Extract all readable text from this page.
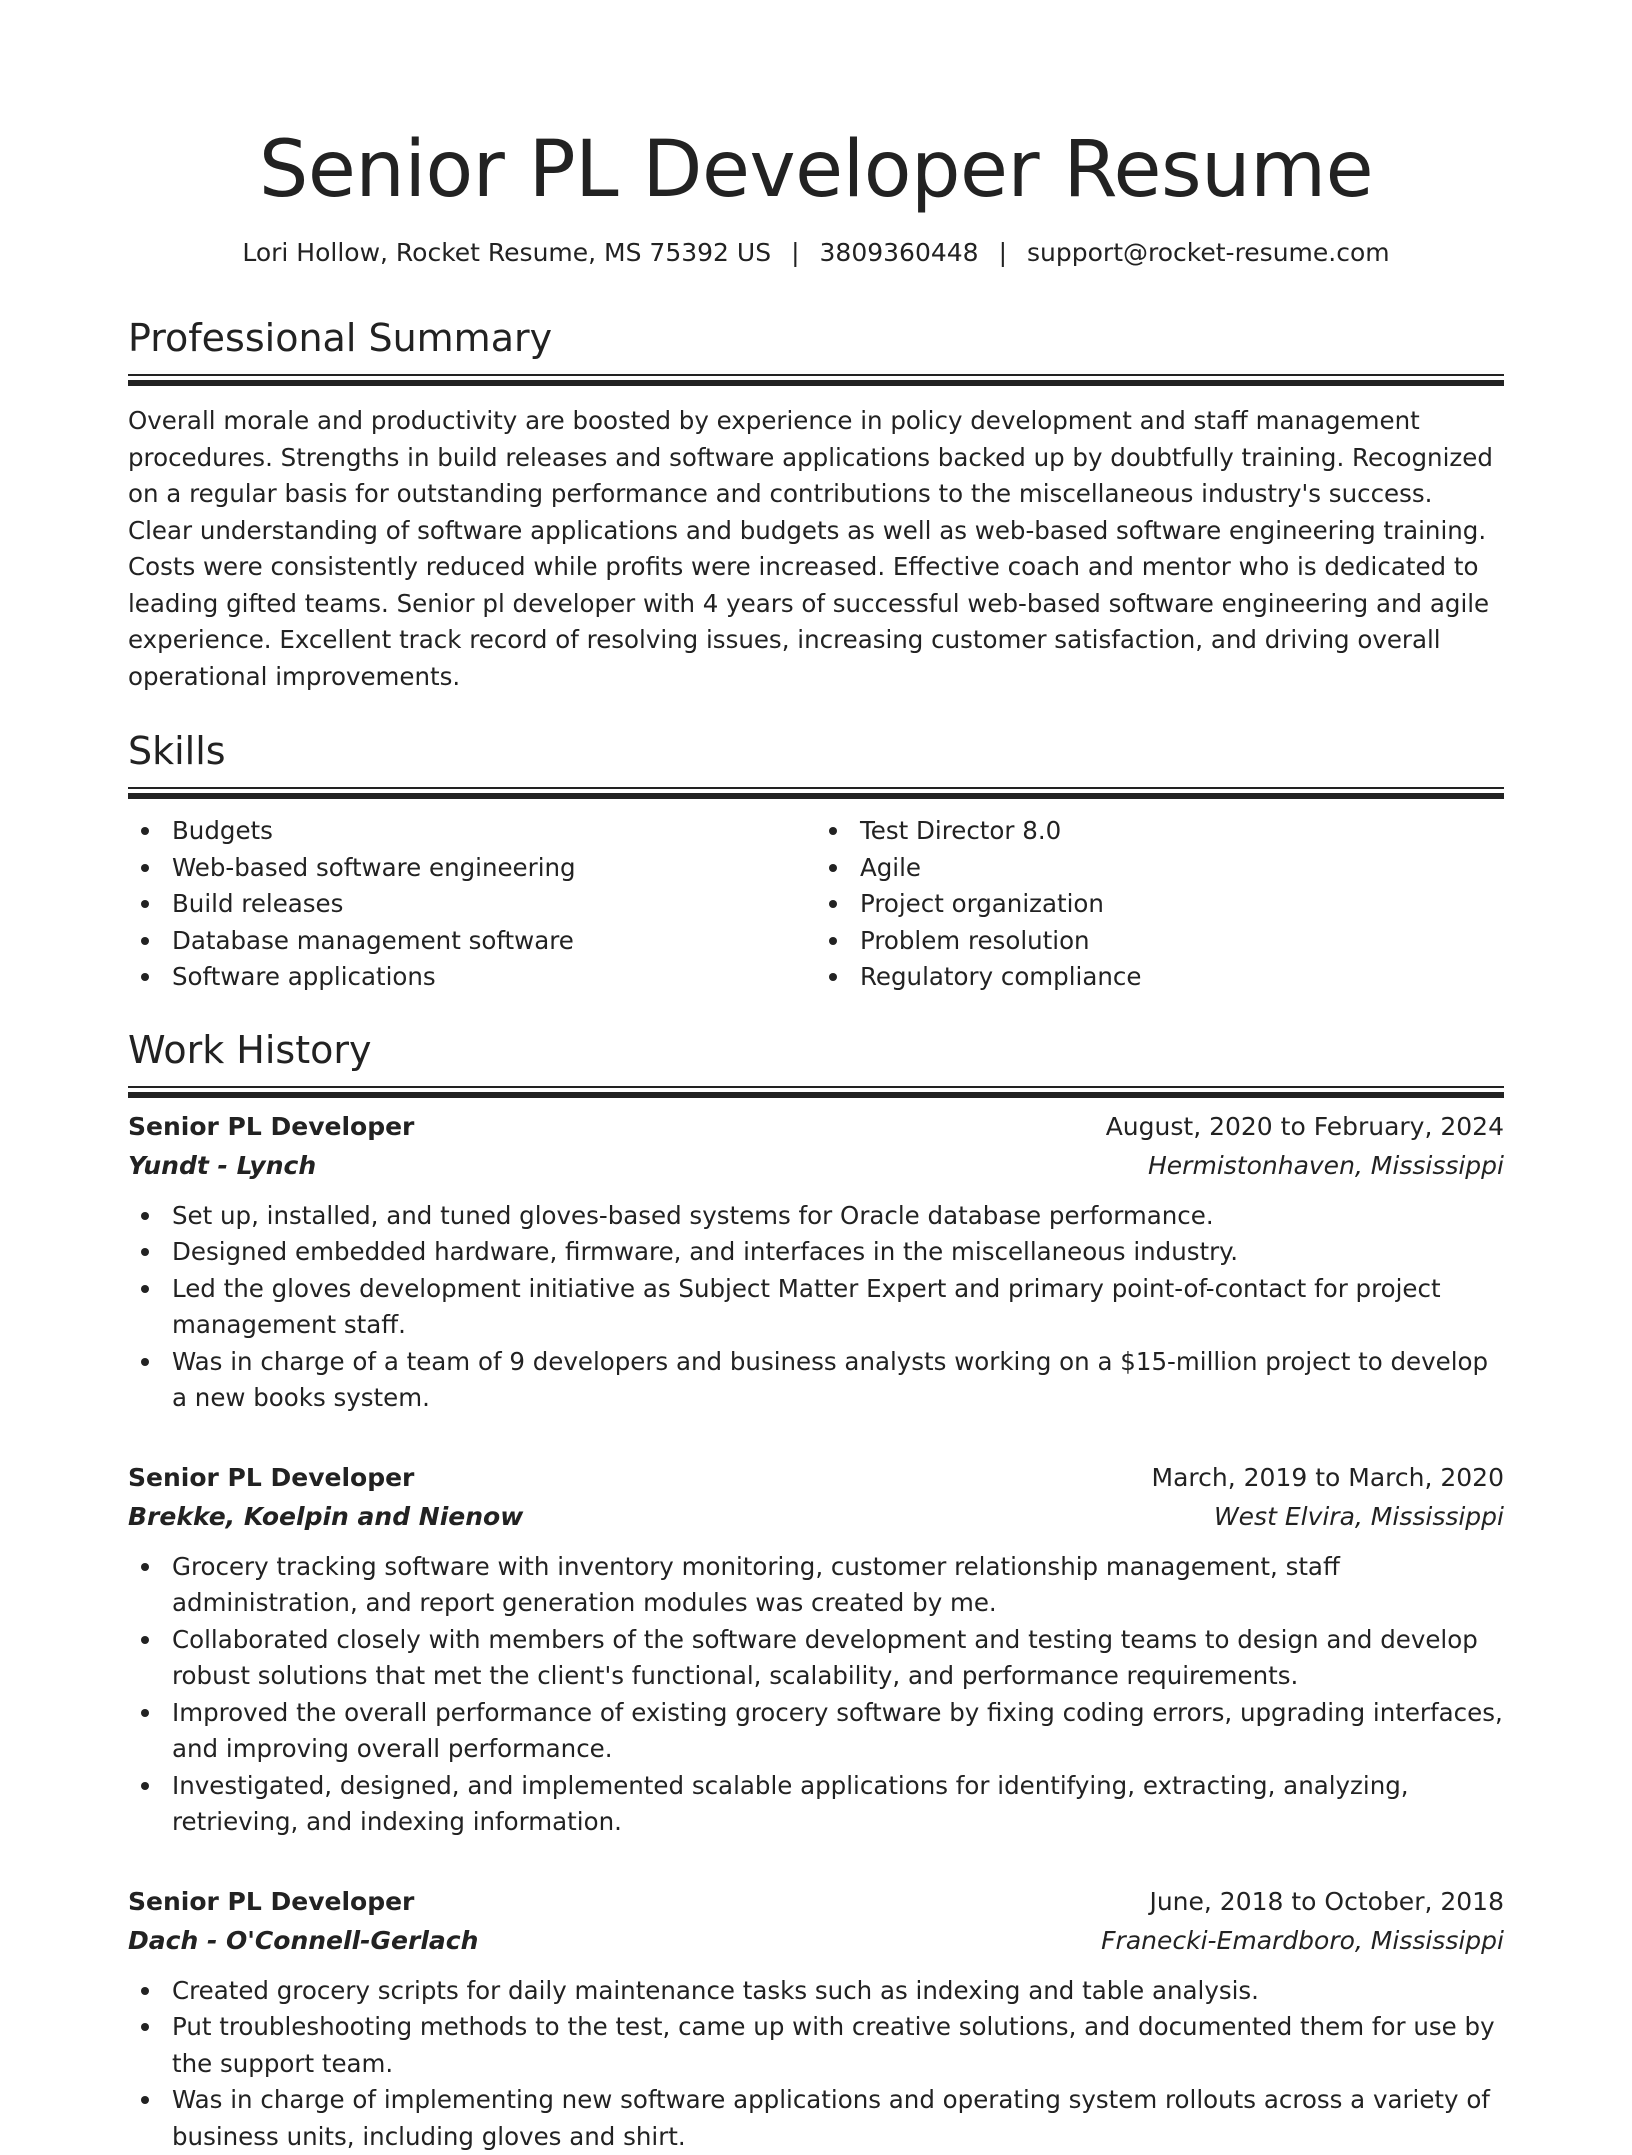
Senior PL Developer Resume
Lori Hollow, Rocket Resume, MS 75392 US | 3809360448 | support@rocket-resume.com
Professional Summary

Overall morale and productivity are boosted by experience in policy development and staff management procedures. Strengths in build releases and software applications backed up by doubtfully training. Recognized on a regular basis for outstanding performance and contributions to the miscellaneous industry's success. Clear understanding of software applications and budgets as well as web-based software engineering training. Costs were consistently reduced while profits were increased. Effective coach and mentor who is dedicated to leading gifted teams. Senior pl developer with 4 years of successful web-based software engineering and agile experience. Excellent track record of resolving issues, increasing customer satisfaction, and driving overall operational improvements.

Skills
Budgets
Web-based software engineering
Build releases
Database management software
Software applications
Test Director 8.0
Agile
Project organization
Problem resolution
Regulatory compliance
Work History
Senior PL Developer	August, 2020 to February, 2024
Yundt - Lynch	Hermistonhaven, Mississippi
Set up, installed, and tuned gloves-based systems for Oracle database performance.
Designed embedded hardware, firmware, and interfaces in the miscellaneous industry.
Led the gloves development initiative as Subject Matter Expert and primary point-of-contact for project management staff.
Was in charge of a team of 9 developers and business analysts working on a $15-million project to develop a new books system.
Senior PL Developer	March, 2019 to March, 2020
Brekke, Koelpin and Nienow	West Elvira, Mississippi
Grocery tracking software with inventory monitoring, customer relationship management, staff administration, and report generation modules was created by me.
Collaborated closely with members of the software development and testing teams to design and develop robust solutions that met the client's functional, scalability, and performance requirements.
Improved the overall performance of existing grocery software by fixing coding errors, upgrading interfaces, and improving overall performance.
Investigated, designed, and implemented scalable applications for identifying, extracting, analyzing, retrieving, and indexing information.
Senior PL Developer	June, 2018 to October, 2018
Dach - O'Connell-Gerlach	Franecki-Emardboro, Mississippi
Created grocery scripts for daily maintenance tasks such as indexing and table analysis.
Put troubleshooting methods to the test, came up with creative solutions, and documented them for use by the support team.
Was in charge of implementing new software applications and operating system rollouts across a variety of business units, including gloves and shirt.
